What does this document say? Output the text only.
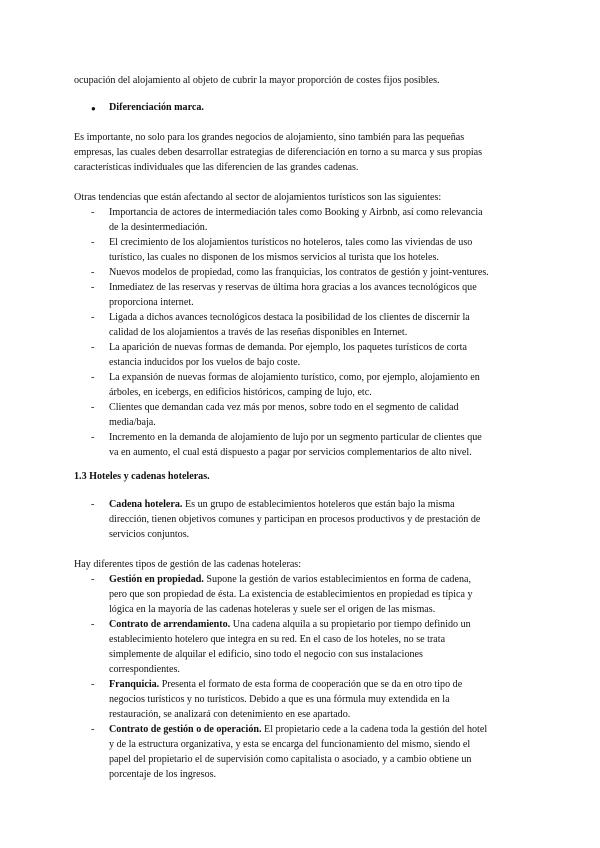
ocupación del alojamiento al objeto de cubrir la mayor proporción de costes fijos posibles.
● Diferenciación marca.
Es importante, no solo para los grandes negocios de alojamiento, sino también para las pequeñas
empresas, las cuales deben desarrollar estrategias de diferenciación en torno a su marca y sus propias
características individuales que las diferencien de las grandes cadenas.
Otras tendencias que están afectando al sector de alojamientos turísticos son las siguientes:
- Importancia de actores de intermediación tales como Booking y Airbnb, así como relevancia
de la desintermediación.
- El crecimiento de los alojamientos turísticos no hoteleros, tales como las viviendas de uso
turístico, las cuales no disponen de los mismos servicios al turista que los hoteles.
- Nuevos modelos de propiedad, como las franquicias, los contratos de gestión y joint-ventures.
- Inmediatez de las reservas y reservas de última hora gracias a los avances tecnológicos que
proporciona internet.
- Ligada a dichos avances tecnológicos destaca la posibilidad de los clientes de discernir la
calidad de los alojamientos a través de las reseñas disponibles en Internet.
- La aparición de nuevas formas de demanda. Por ejemplo, los paquetes turísticos de corta
estancia inducidos por los vuelos de bajo coste.
- La expansión de nuevas formas de alojamiento turístico, como, por ejemplo, alojamiento en
árboles, en icebergs, en edificios históricos, camping de lujo, etc.
- Clientes que demandan cada vez más por menos, sobre todo en el segmento de calidad
media/baja.
- Incremento en la demanda de alojamiento de lujo por un segmento particular de clientes que
va en aumento, el cual está dispuesto a pagar por servicios complementarios de alto nivel.
1.3 Hoteles y cadenas hoteleras.
- Cadena hotelera. Es un grupo de establecimientos hoteleros que están bajo la misma
dirección, tienen objetivos comunes y participan en procesos productivos y de prestación de
servicios conjuntos.
Hay diferentes tipos de gestión de las cadenas hoteleras:
- Gestión en propiedad. Supone la gestión de varios establecimientos en forma de cadena,
pero que son propiedad de ésta. La existencia de establecimientos en propiedad es típica y
lógica en la mayoría de las cadenas hoteleras y suele ser el origen de las mismas.
- Contrato de arrendamiento. Una cadena alquila a su propietario por tiempo definido un
establecimiento hotelero que integra en su red. En el caso de los hoteles, no se trata
simplemente de alquilar el edificio, sino todo el negocio con sus instalaciones
correspondientes.
- Franquicia. Presenta el formato de esta forma de cooperación que se da en otro tipo de
negocios turísticos y no turísticos. Debido a que es una fórmula muy extendida en la
restauración, se analizará con detenimiento en ese apartado.
- Contrato de gestión o de operación. El propietario cede a la cadena toda la gestión del hotel
y de la estructura organizativa, y esta se encarga del funcionamiento del mismo, siendo el
papel del propietario el de supervisión como capitalista o asociado, y a cambio obtiene un
porcentaje de los ingresos.
